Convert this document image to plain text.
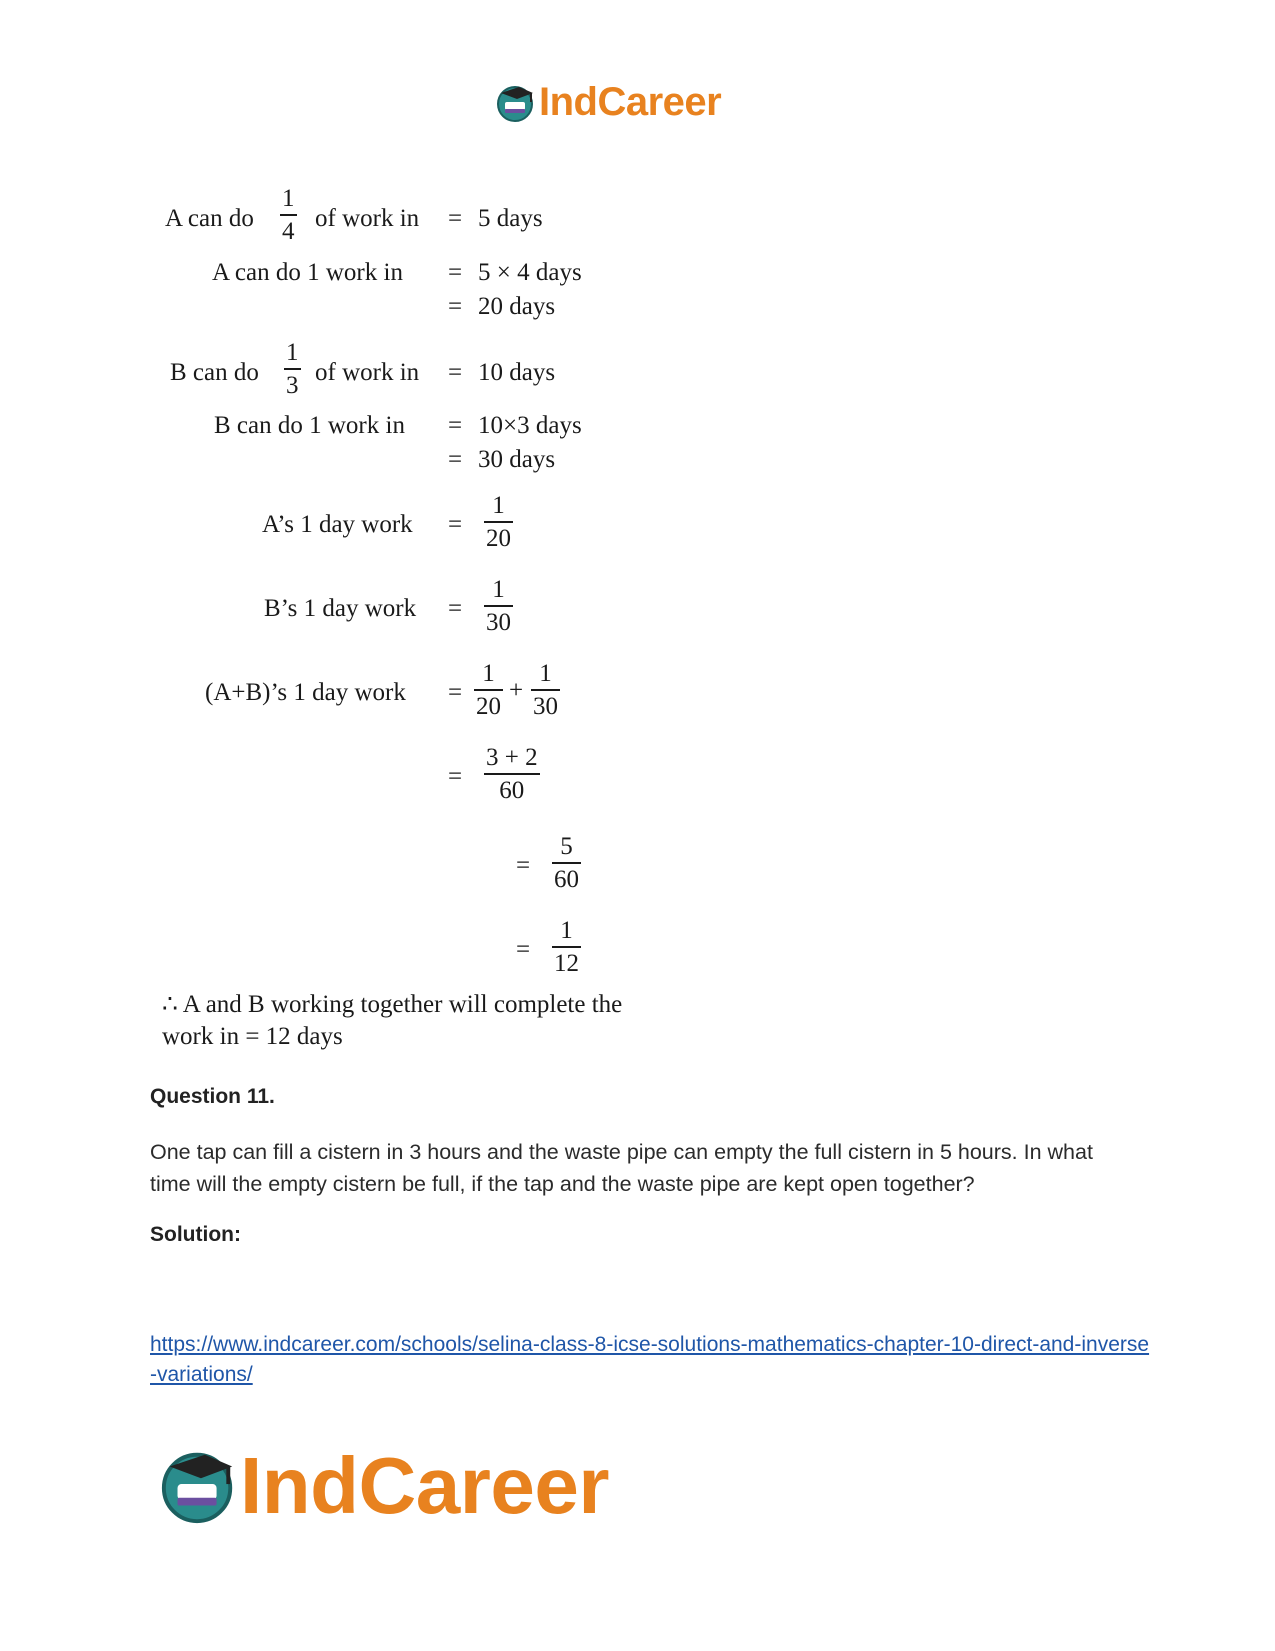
IndCareer
A can do
1
4 of work in = 5 days
A can do 1 work in = 5 × 4 days
= 20 days
B can do
1
3 of work in = 10 days
B can do 1 work in = 10×3 days
= 30 days
A’s 1 day work =
1
20
B’s 1 day work =
1
30
(A+B)’s 1 day work =
1
20
+
1
30
=
3 + 2
60
=
5
60
=
1
12
∴ A and B working together will complete the
work in = 12 days
Question 11.
One tap can fill a cistern in 3 hours and the waste pipe can empty the full cistern in 5 hours. In what time will the empty cistern be full, if the tap and the waste pipe are kept open together?
Solution:
https://www.indcareer.com/schools/selina-class-8-icse-solutions-mathematics-chapter-10-direct-and-inverse-variations/
IndCareer
